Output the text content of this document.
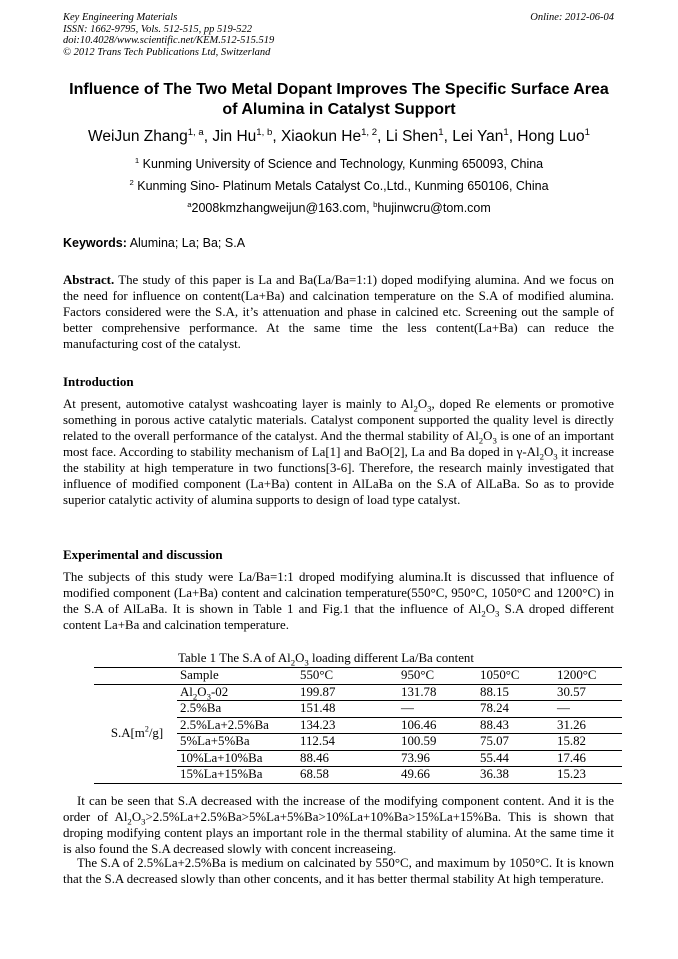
Key Engineering Materials
ISSN: 1662-9795, Vols. 512-515, pp 519-522
doi:10.4028/www.scientific.net/KEM.512-515.519
© 2012 Trans Tech Publications Ltd, Switzerland
Online: 2012-06-04
Influence of The Two Metal Dopant Improves The Specific Surface Area
of Alumina in Catalyst Support
WeiJun Zhang$^{1, a}$, Jin Hu$^{1, b}$, Xiaokun He$^{1, 2}$, Li Shen$^1$, Lei Yan$^1$, Hong Luo$^1$
$^1$ Kunming University of Science and Technology, Kunming 650093, China
$^2$ Kunming Sino- Platinum Metals Catalyst Co.,Ltd., Kunming 650106, China
$^a$2008kmzhangweijun@163.com, $^b$hujinwcru@tom.com
Keywords: Alumina; La; Ba; S.A
Abstract. The study of this paper is La and Ba(La/Ba=1:1) doped modifying alumina. And we focus on the need for influence on content(La+Ba) and calcination temperature on the S.A of modified alumina. Factors considered were the S.A, it’s attenuation and phase in calcined etc. Screening out the sample of better comprehensive performance. At the same time the less content(La+Ba) can reduce the manufacturing cost of the catalyst.
Introduction
At present, automotive catalyst washcoating layer is mainly to $Al_2O_3$, doped Re elements or promotive something in porous active catalytic materials. Catalyst component supported the quality level is directly related to the overall performance of the catalyst. And the thermal stability of $Al_2O_3$ is one of an important most face. According to stability mechanism of La[1] and BaO[2], La and Ba doped in $\gamma-Al_2O_3$ it increase the stability at high temperature in two functions[3-6]. Therefore, the research mainly investigated that influence of modified component (La+Ba) content in AlLaBa on the S.A of AlLaBa. So as to provide superior catalytic activity of alumina supports to design of load type catalyst.
Experimental and discussion
The subjects of this study were La/Ba=1:1 droped modifying alumina.It is discussed that influence of modified component (La+Ba) content and calcination temperature(550°C, 950°C, 1050°C and 1200°C) in the S.A of AlLaBa. It is shown in Table 1 and Fig.1 that the influence of $Al_2O_3$ S.A droped different content La+Ba and calcination temperature.
Table 1 The S.A of $Al_2O_3$ loading different La/Ba content
	Sample	550°C	950°C	1050°C	1200°C
$S.A[m^2/g]$	$Al_2O_3-02$	199.87	131.78	88.15	30.57
	2.5%Ba	151.48	—	78.24	—
	2.5%La+2.5%Ba	134.23	106.46	88.43	31.26
	5%La+5%Ba	112.54	100.59	75.07	15.82
	10%La+10%Ba	88.46	73.96	55.44	17.46
	15%La+15%Ba	68.58	49.66	36.38	15.23
It can be seen that S.A decreased with the increase of the modifying component content. And it is the order of $Al_2O_3>2.5\%La+2.5\%Ba>5\%La+5\%Ba>10\%La+10\%Ba>15\%La+15\%Ba$. This is shown that droping modifying content plays an important role in the thermal stability of alumina. At the same time it is also found the S.A decreased slowly with concent increaseing.
The S.A of 2.5%La+2.5%Ba is medium on calcinated by 550°C, and maximum by 1050°C. It is known that the S.A decreased slowly than other concents, and it has better thermal stability At high temperature.
